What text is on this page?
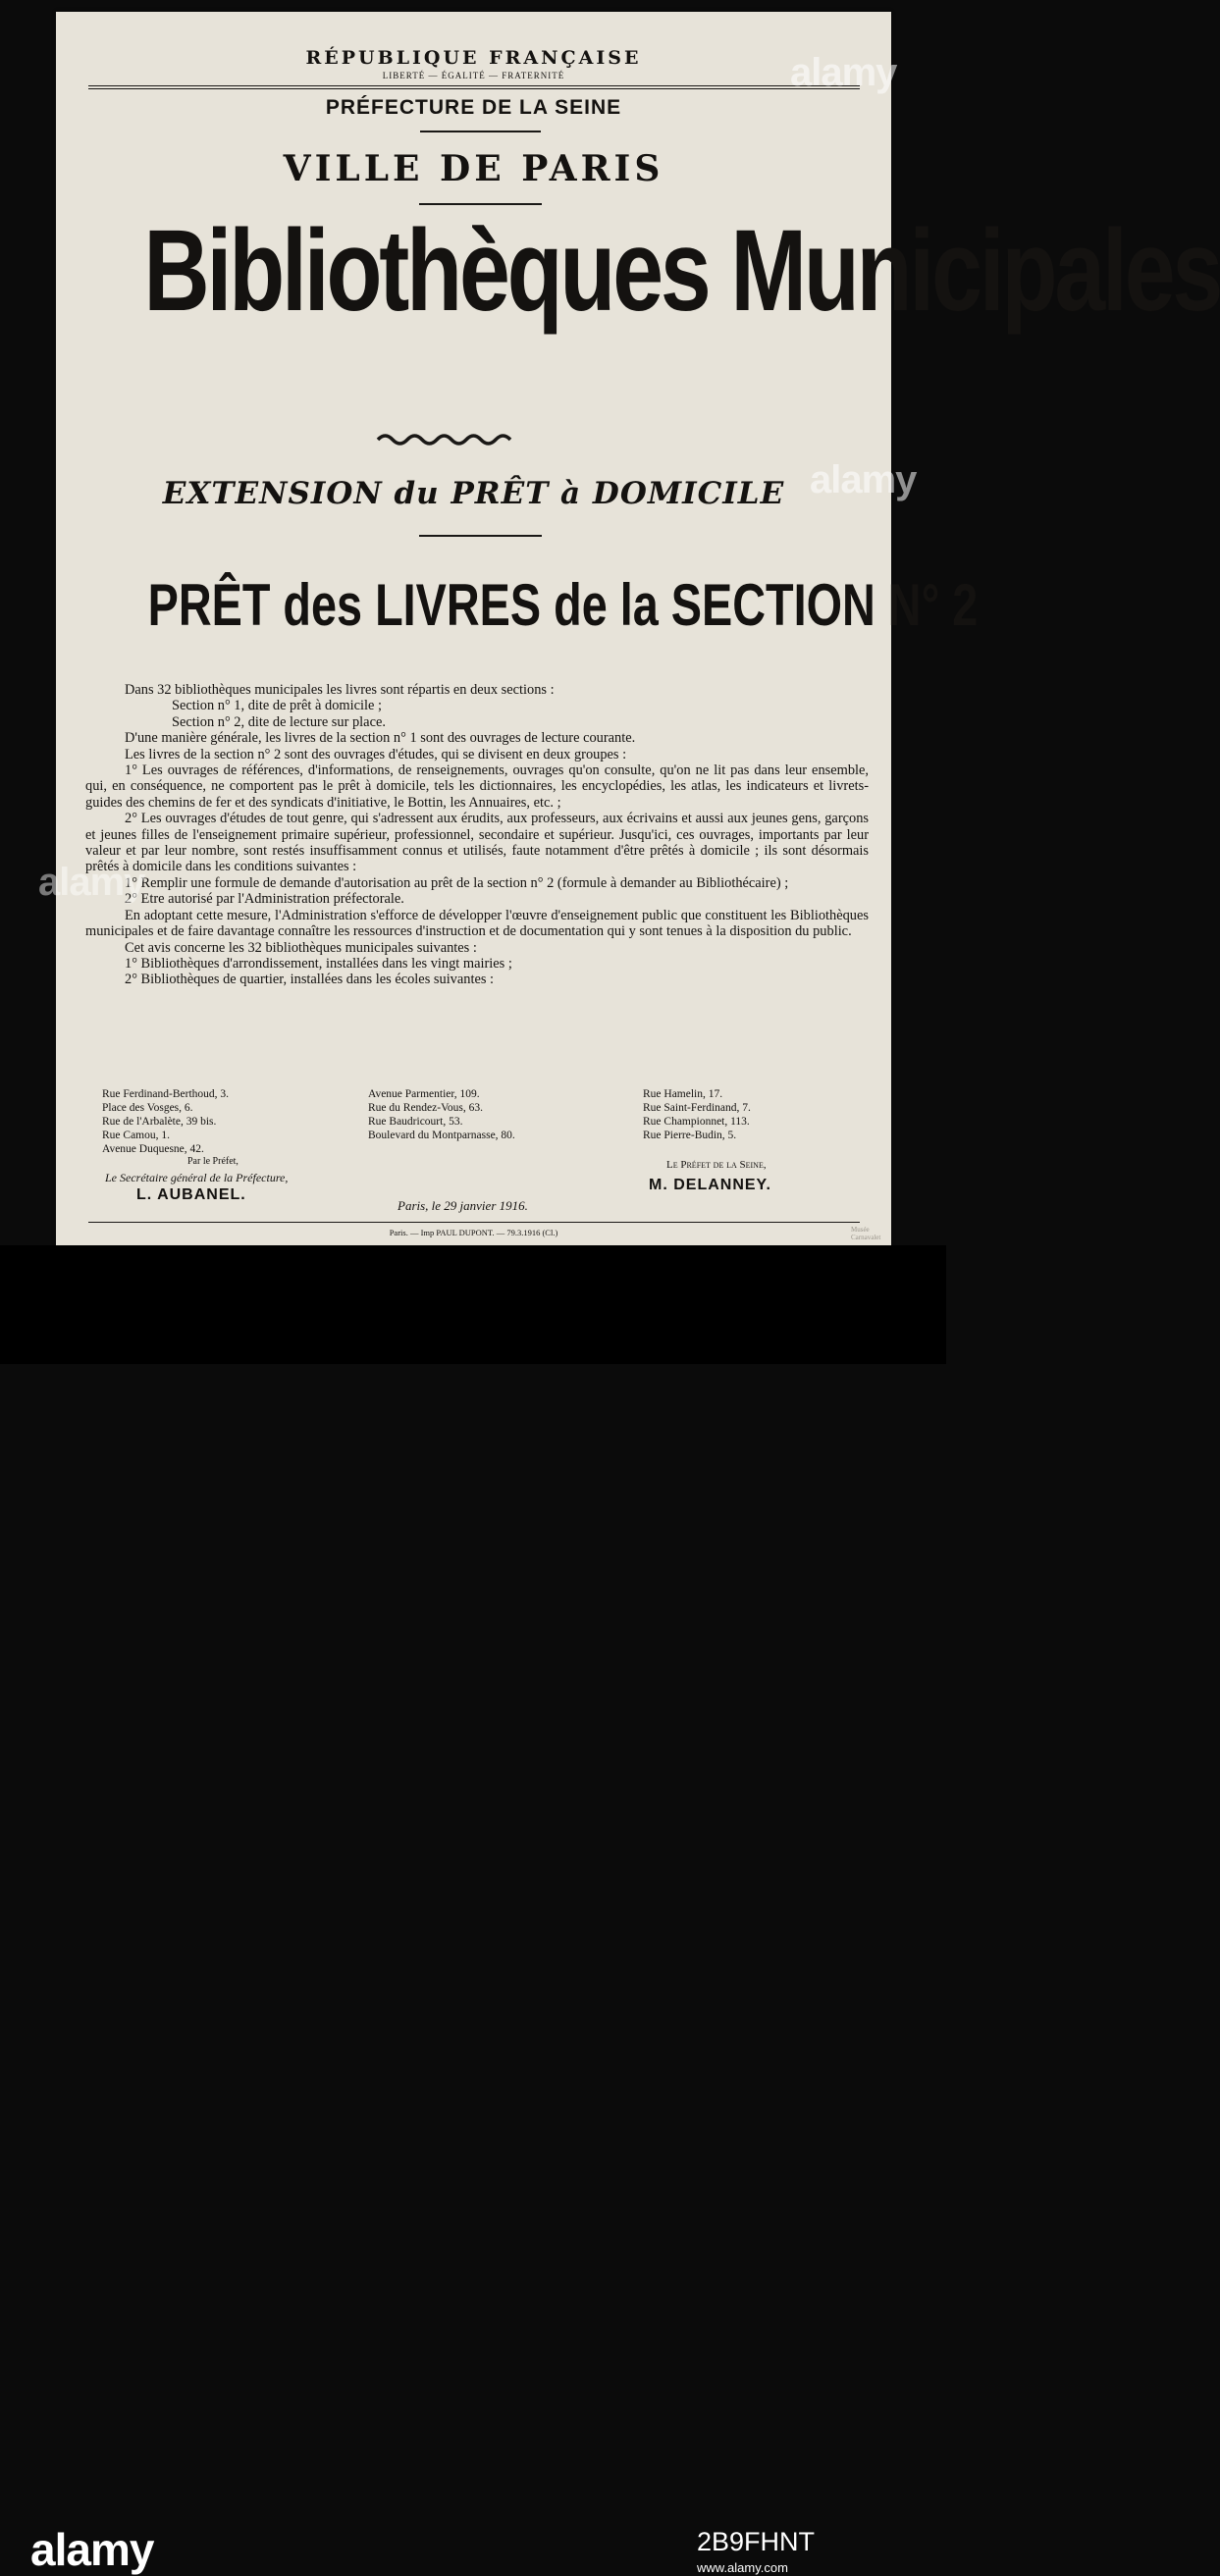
RÉPUBLIQUE FRANÇAISE
LIBERTÉ — ÉGALITÉ — FRATERNITÉ
PRÉFECTURE DE LA SEINE
VILLE DE PARIS
Bibliothèques Municipales
EXTENSION du PRÊT à DOMICILE
PRÊT des LIVRES de la SECTION N° 2

Dans 32 bibliothèques municipales les livres sont répartis en deux sections :

Section n° 1, dite de prêt à domicile ;

Section n° 2, dite de lecture sur place.

D'une manière générale, les livres de la section n° 1 sont des ouvrages de lecture courante.

Les livres de la section n° 2 sont des ouvrages d'études, qui se divisent en deux groupes :

1° Les ouvrages de références, d'informations, de renseignements, ouvrages qu'on consulte, qu'on ne lit pas dans leur ensemble, qui, en conséquence, ne comportent pas le prêt à domicile, tels les dictionnaires, les encyclopédies, les atlas, les indicateurs et livrets-guides des chemins de fer et des syndicats d'initiative, le Bottin, les Annuaires, etc. ;

2° Les ouvrages d'études de tout genre, qui s'adressent aux érudits, aux professeurs, aux écrivains et aussi aux jeunes gens, garçons et jeunes filles de l'enseignement primaire supérieur, professionnel, secondaire et supérieur. Jusqu'ici, ces ouvrages, importants par leur valeur et par leur nombre, sont restés insuffisamment connus et utilisés, faute notamment d'être prêtés à domicile ; ils sont désormais prêtés à domicile dans les conditions suivantes :

1° Remplir une formule de demande d'autorisation au prêt de la section n° 2 (formule à demander au Bibliothécaire) ;

2° Etre autorisé par l'Administration préfectorale.

En adoptant cette mesure, l'Administration s'efforce de développer l'œuvre d'enseignement public que constituent les Bibliothèques municipales et de faire davantage connaître les ressources d'instruction et de documentation qui y sont tenues à la disposition du public.

Cet avis concerne les 32 bibliothèques municipales suivantes :

1° Bibliothèques d'arrondissement, installées dans les vingt mairies ;

2° Bibliothèques de quartier, installées dans les écoles suivantes :

Rue Ferdinand-Berthoud, 3.
Place des Vosges, 6.
Rue de l'Arbalète, 39 bis.
Rue Camou, 1.
Avenue Duquesne, 42.
Avenue Parmentier, 109.
Rue du Rendez-Vous, 63.
Rue Baudricourt, 53.
Boulevard du Montparnasse, 80.
Rue Hamelin, 17.
Rue Saint-Ferdinand, 7.
Rue Championnet, 113.
Rue Pierre-Budin, 5.
Par le Préfet,
Le Secrétaire général de la Préfecture,
L. AUBANEL.
Paris, le 29 janvier 1916.
Le Préfet de la Seine,
M. DELANNEY.
Paris. — Imp PAUL DUPONT. — 79.3.1916 (Cl.)	Musée Carnavalet
alamy
alamy
alamy
alamy	2B9FHNT
www.alamy.com
